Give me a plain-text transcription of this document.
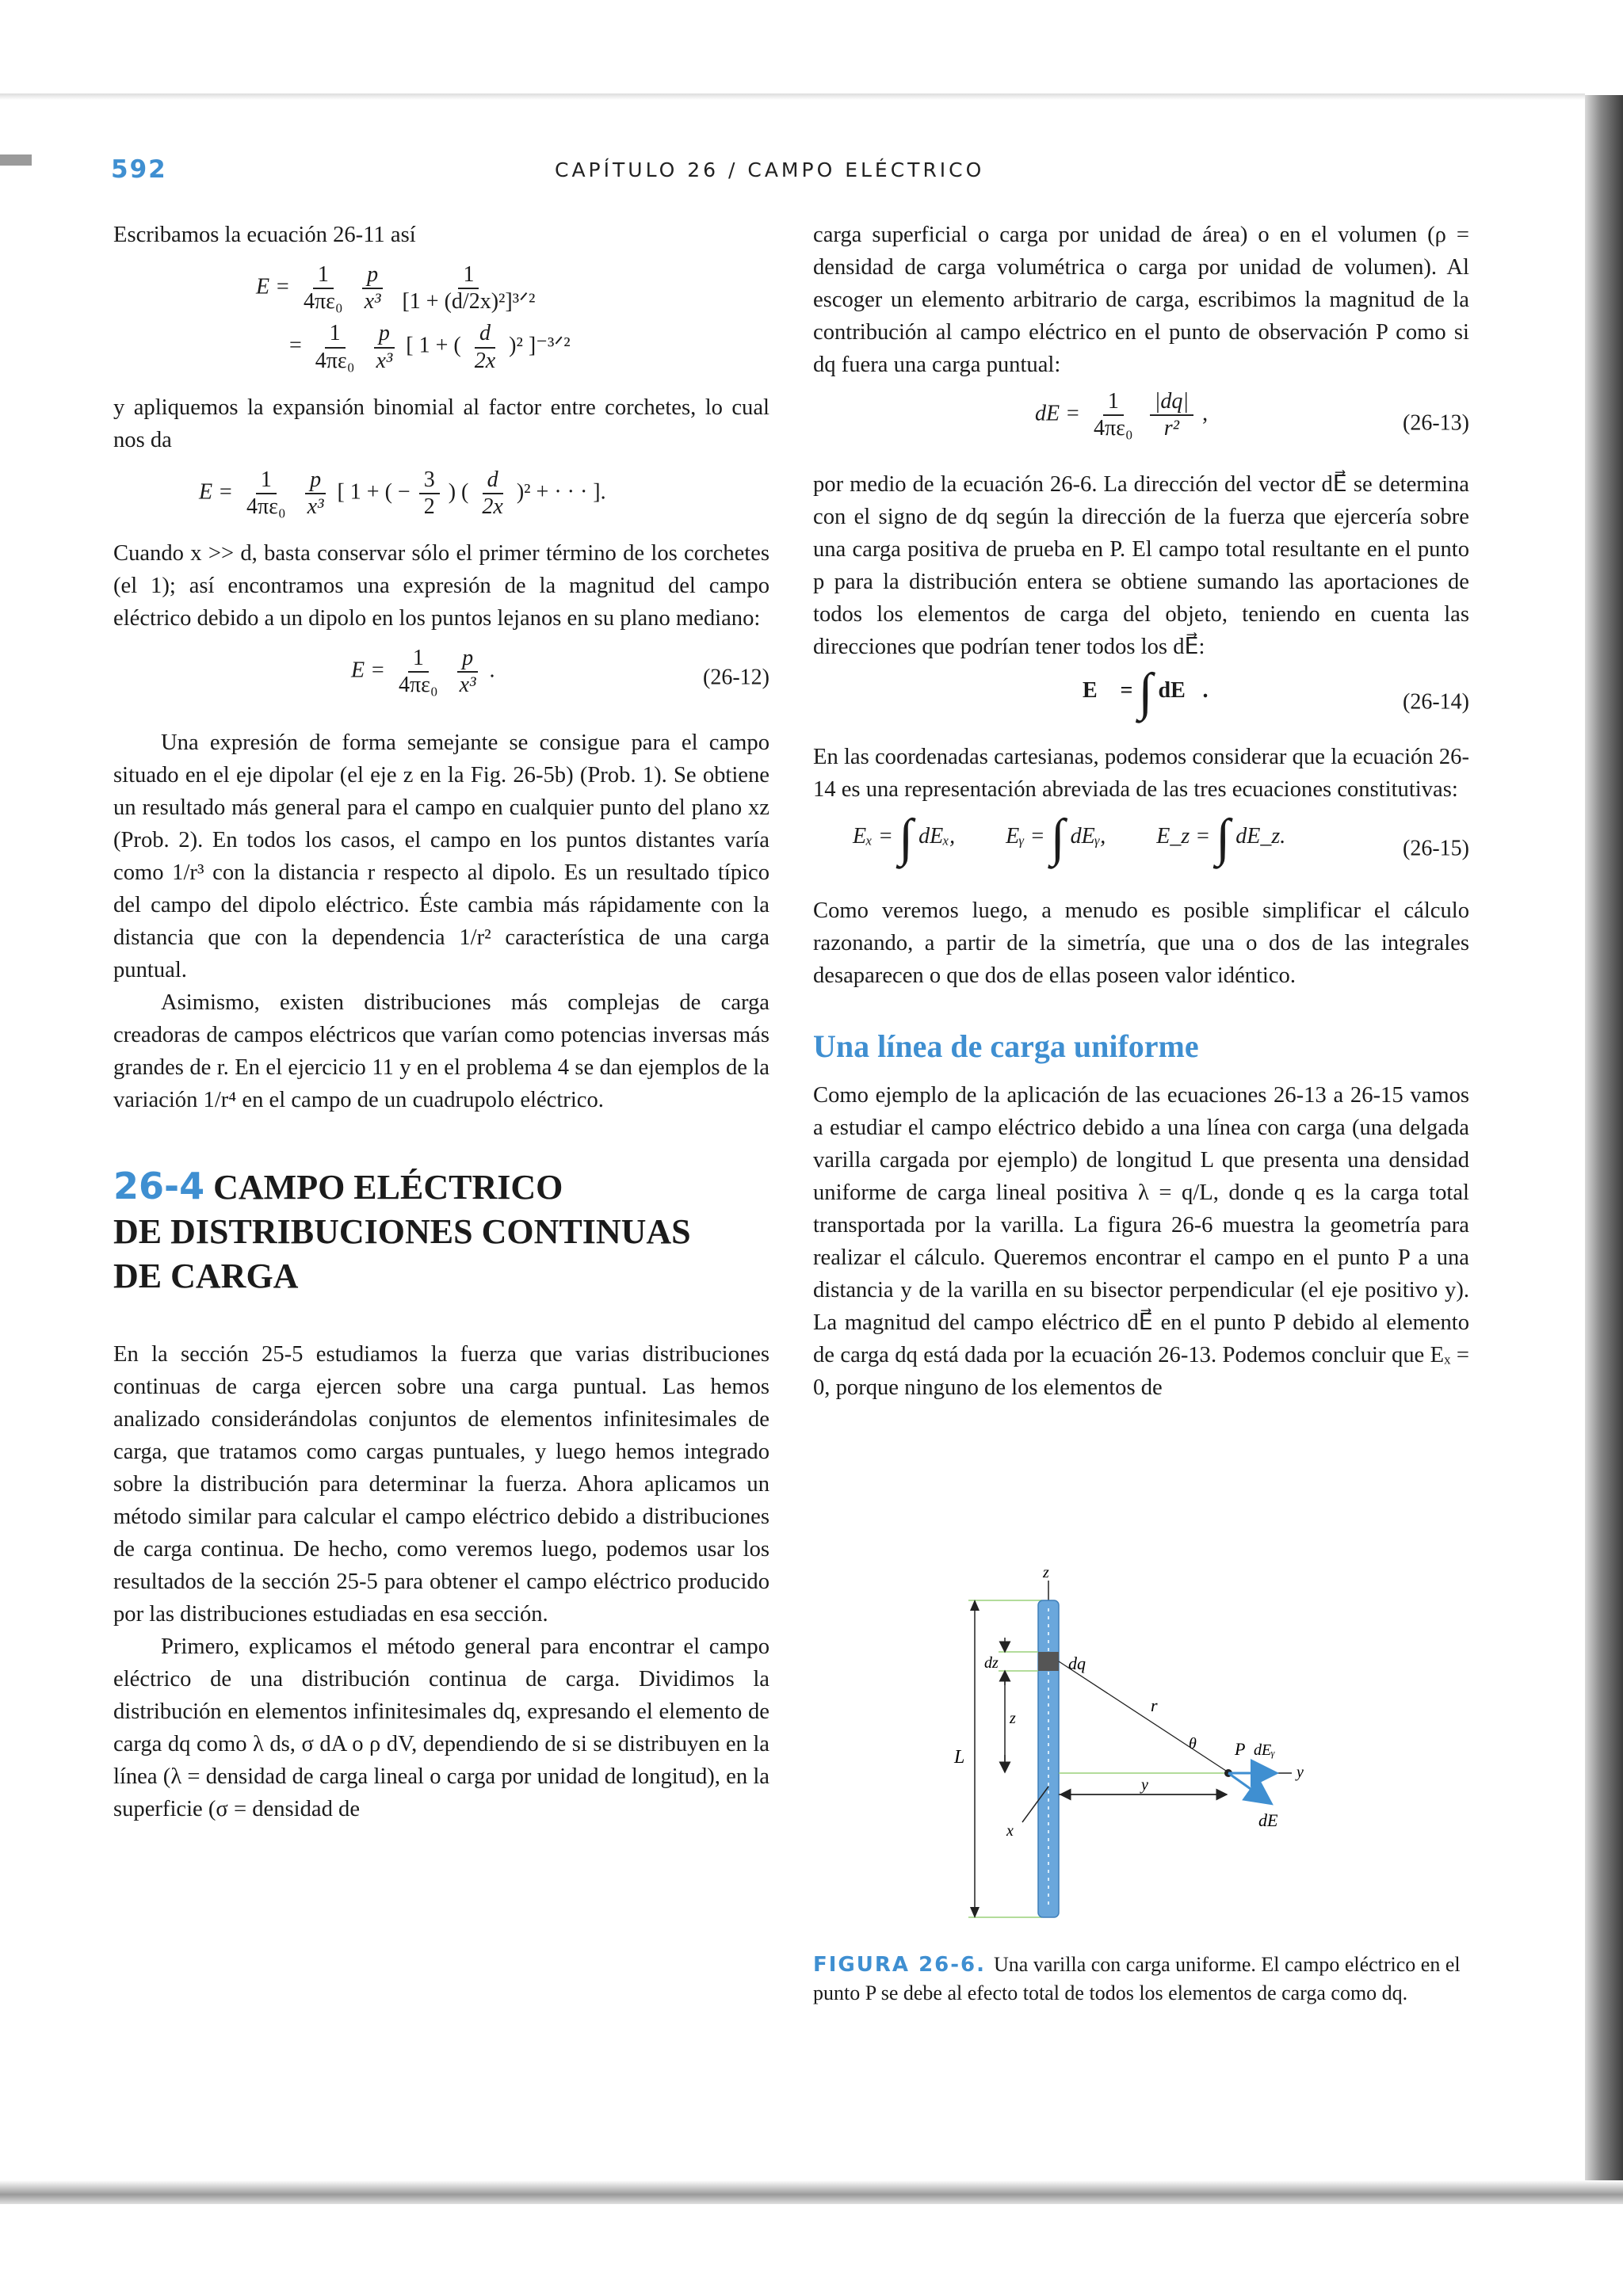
592	CAPÍTULO 26 / CAMPO ELÉCTRICO

Escribamos la ecuación 26-11 así

$E = \frac{1}{\text{4πε₀}}$
$\frac{p}{\text{x³}}$
$\frac{1}{\text{[1 + (d/2x)²]³ᐟ²}}$
= $\frac{1}{\text{4πε₀}}$
$\frac{p}{\text{x³}}$ [ 1 + ( $\frac{d}{2x} )^2$ ]⁻³ᐟ²

y apliquemos la expansión binomial al factor entre corchetes, lo cual nos da

$E = \frac{1}{\text{4πε₀}}$
$\frac{p}{\text{x³}}$ [ 1 + ( − $\frac{3}{2}$ ) ( $\frac{d}{2x} )^2$ + · · · ].

Cuando x >> d, basta conservar sólo el primer término de los corchetes (el 1); así encontramos una expresión de la magnitud del campo eléctrico debido a un dipolo en los puntos lejanos en su plano mediano:

$E = \frac{1}{\text{4πε₀}}$
$\frac{p}{\text{x³}}$ .	(26-12)

Una expresión de forma semejante se consigue para el campo situado en el eje dipolar (el eje z en la Fig. 26-5b) (Prob. 1). Se obtiene un resultado más general para el campo en cualquier punto del plano xz (Prob. 2). En todos los casos, el campo en los puntos distantes varía como 1/r³ con la distancia r respecto al dipolo. Es un resultado típico del campo del dipolo eléctrico. Éste cambia más rápidamente con la distancia que con la dependencia 1/r² característica de una carga puntual.

Asimismo, existen distribuciones más complejas de carga creadoras de campos eléctricos que varían como potencias inversas más grandes de r. En el ejercicio 11 y en el problema 4 se dan ejemplos de la variación 1/r⁴ en el campo de un cuadrupolo eléctrico.

26-4 CAMPO ELÉCTRICO
DE DISTRIBUCIONES CONTINUAS
DE CARGA

En la sección 25-5 estudiamos la fuerza que varias distribuciones continuas de carga ejercen sobre una carga puntual. Las hemos analizado considerándolas conjuntos de elementos infinitesimales de carga, que tratamos como cargas puntuales, y luego hemos integrado sobre la distribución para determinar la fuerza. Ahora aplicamos un método similar para calcular el campo eléctrico debido a distribuciones de carga continua. De hecho, como veremos luego, podemos usar los resultados de la sección 25-5 para obtener el campo eléctrico producido por las distribuciones estudiadas en esa sección.

Primero, explicamos el método general para encontrar el campo eléctrico de una distribución continua de carga. Dividimos la distribución en elementos infinitesimales dq, expresando el elemento de carga dq como λ ds, σ dA o ρ dV, dependiendo de si se distribuyen en la línea (λ = densidad de carga lineal o carga por unidad de longitud), en la superficie (σ = densidad de

carga superficial o carga por unidad de área) o en el volumen (ρ = densidad de carga volumétrica o carga por unidad de volumen). Al escoger un elemento arbitrario de carga, escribimos la magnitud de la contribución al campo eléctrico en el punto de observación P como si dq fuera una carga puntual:

dE = $\frac{1}{\text{4πε₀}}$
$\frac{|dq|}{\text{r²}}$ ,	(26-13)

por medio de la ecuación 26-6. La dirección del vector dE⃗ se determina con el signo de dq según la dirección de la fuerza que ejercería sobre una carga positiva de prueba en P. El campo total resultante en el punto p para la distribución entera se obtiene sumando las aportaciones de todos los elementos de carga del objeto, teniendo en cuenta las direcciones que podrían tener todos los dE⃗:

E⃗ = ∫ dE⃗.	(26-14)

En las coordenadas cartesianas, podemos considerar que la ecuación 26-14 es una representación abreviada de las tres ecuaciones constitutivas:

Eₓ = ∫ dEₓ, Eᵧ = ∫ dEᵧ, E_z = ∫ dE_z.	(26-15)

Como veremos luego, a menudo es posible simplificar el cálculo razonando, a partir de la simetría, que una o dos de las integrales desaparecen o que dos de ellas poseen valor idéntico.

Una línea de carga uniforme

Como ejemplo de la aplicación de las ecuaciones 26-13 a 26-15 vamos a estudiar el campo eléctrico debido a una línea con carga (una delgada varilla cargada por ejemplo) de longitud L que presenta una densidad uniforme de carga lineal positiva λ = q/L, donde q es la carga total transportada por la varilla. La figura 26-6 muestra la geometría para realizar el cálculo. Queremos encontrar el campo en el punto P a una distancia y de la varilla en su bisector perpendicular (el eje positivo y). La magnitud del campo eléctrico dE⃗ en el punto P debido al elemento de carga dq está dada por la ecuación 26-13. Podemos concluir que Eₓ = 0, porque ninguno de los elementos de

z
L
dq
dz
z
y
y
r
θ P dEᵧ
dE⃗
x
FIGURA 26-6. Una varilla con carga uniforme. El campo eléctrico en el punto P se debe al efecto total de todos los elementos de carga como dq.
